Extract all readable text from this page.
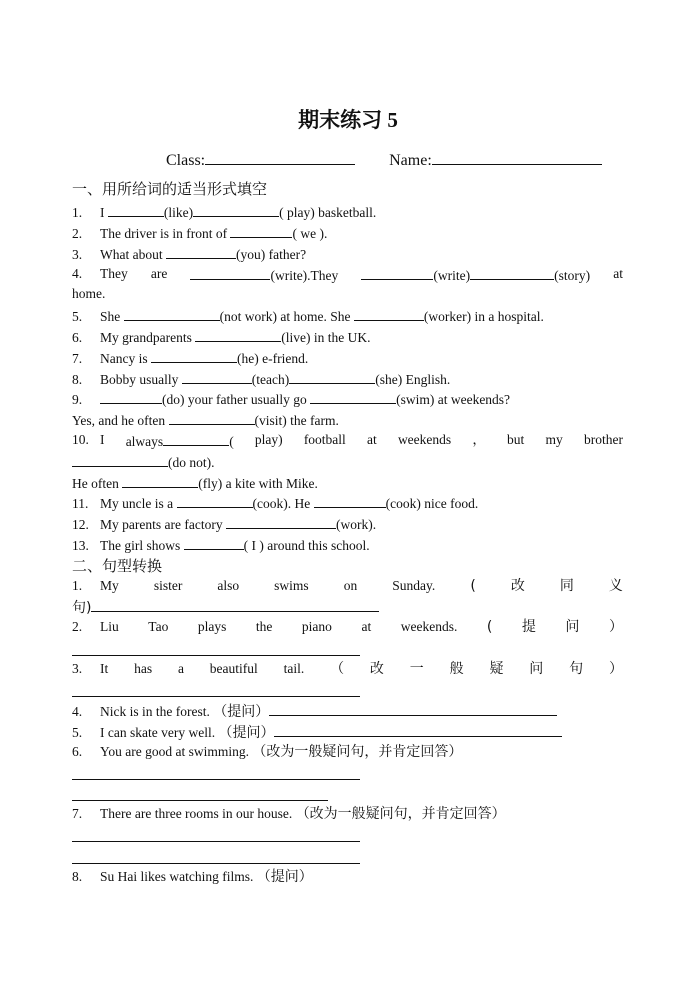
期末练习 5
Class:	Name:
一、用所给词的适当形式填空
1. I	(like)	( play) basketball.
2. The driver is in front of	( we ).
3. What about	(you) father?
4. They are	(write).They	(write)	(story) at
home.
5. She	(not work) at home. She	(worker) in a hospital.
6. My grandparents	(live) in the UK.
7. Nancy is	(he) e-friend.
8. Bobby usually	(teach)	(she) English.
9.	(do) your father usually go	(swim) at weekends?
Yes, and he often	(visit) the farm.
10. I always	( play) football at weekends ， but my brother
(do not).
He often	(fly) a kite with Mike.
11. My uncle is a	(cook). He	(cook) nice food.
12. My parents are factory	(work).
13. The girl shows	( I ) around this school.
二、句型转换
1. My	sister	also	swims	on	Sunday.	(	改	同	义
句)
2. Liu Tao plays the piano at weekends. ( 提 问 ）
3. It has a beautiful tail. （ 改 一 般 疑 问 句 ）
4. Nick is in the forest. （提问）
5. I can skate very well. （提问）
6. You are good at swimming. （改为一般疑问句，并肯定回答）
7. There are three rooms in our house. （改为一般疑问句，并肯定回答）
8. Su Hai likes watching films. （提问）
